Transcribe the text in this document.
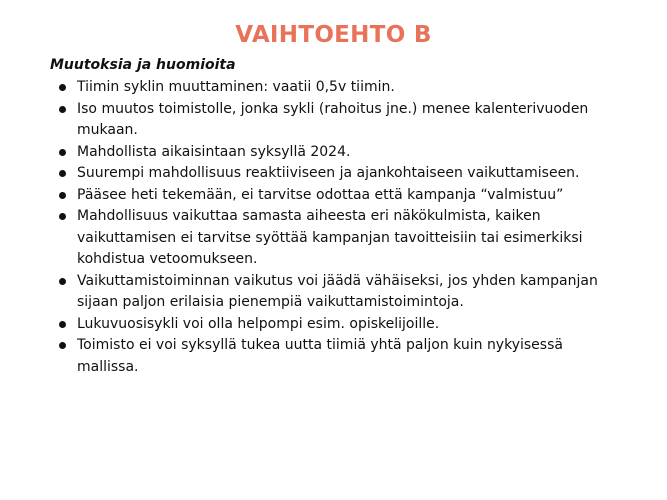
VAIHTOEHTO B
Muutoksia ja huomioita
Tiimin syklin muuttaminen: vaatii 0,5v tiimin.
Iso muutos toimistolle, jonka sykli (rahoitus jne.) menee kalenterivuoden mukaan.
Mahdollista aikaisintaan syksyllä 2024.
Suurempi mahdollisuus reaktiiviseen ja ajankohtaiseen vaikuttamiseen.
Pääsee heti tekemään, ei tarvitse odottaa että kampanja “valmistuu”
Mahdollisuus vaikuttaa samasta aiheesta eri näkökulmista, kaiken vaikuttamisen ei tarvitse syöttää kampanjan tavoitteisiin tai esimerkiksi kohdistua vetoomukseen.
Vaikuttamistoiminnan vaikutus voi jäädä vähäiseksi, jos yhden kampanjan sijaan paljon erilaisia pienempiä vaikuttamistoimintoja.
Lukuvuosisykli voi olla helpompi esim. opiskelijoille.
Toimisto ei voi syksyllä tukea uutta tiimiä yhtä paljon kuin nykyisessä mallissa.
